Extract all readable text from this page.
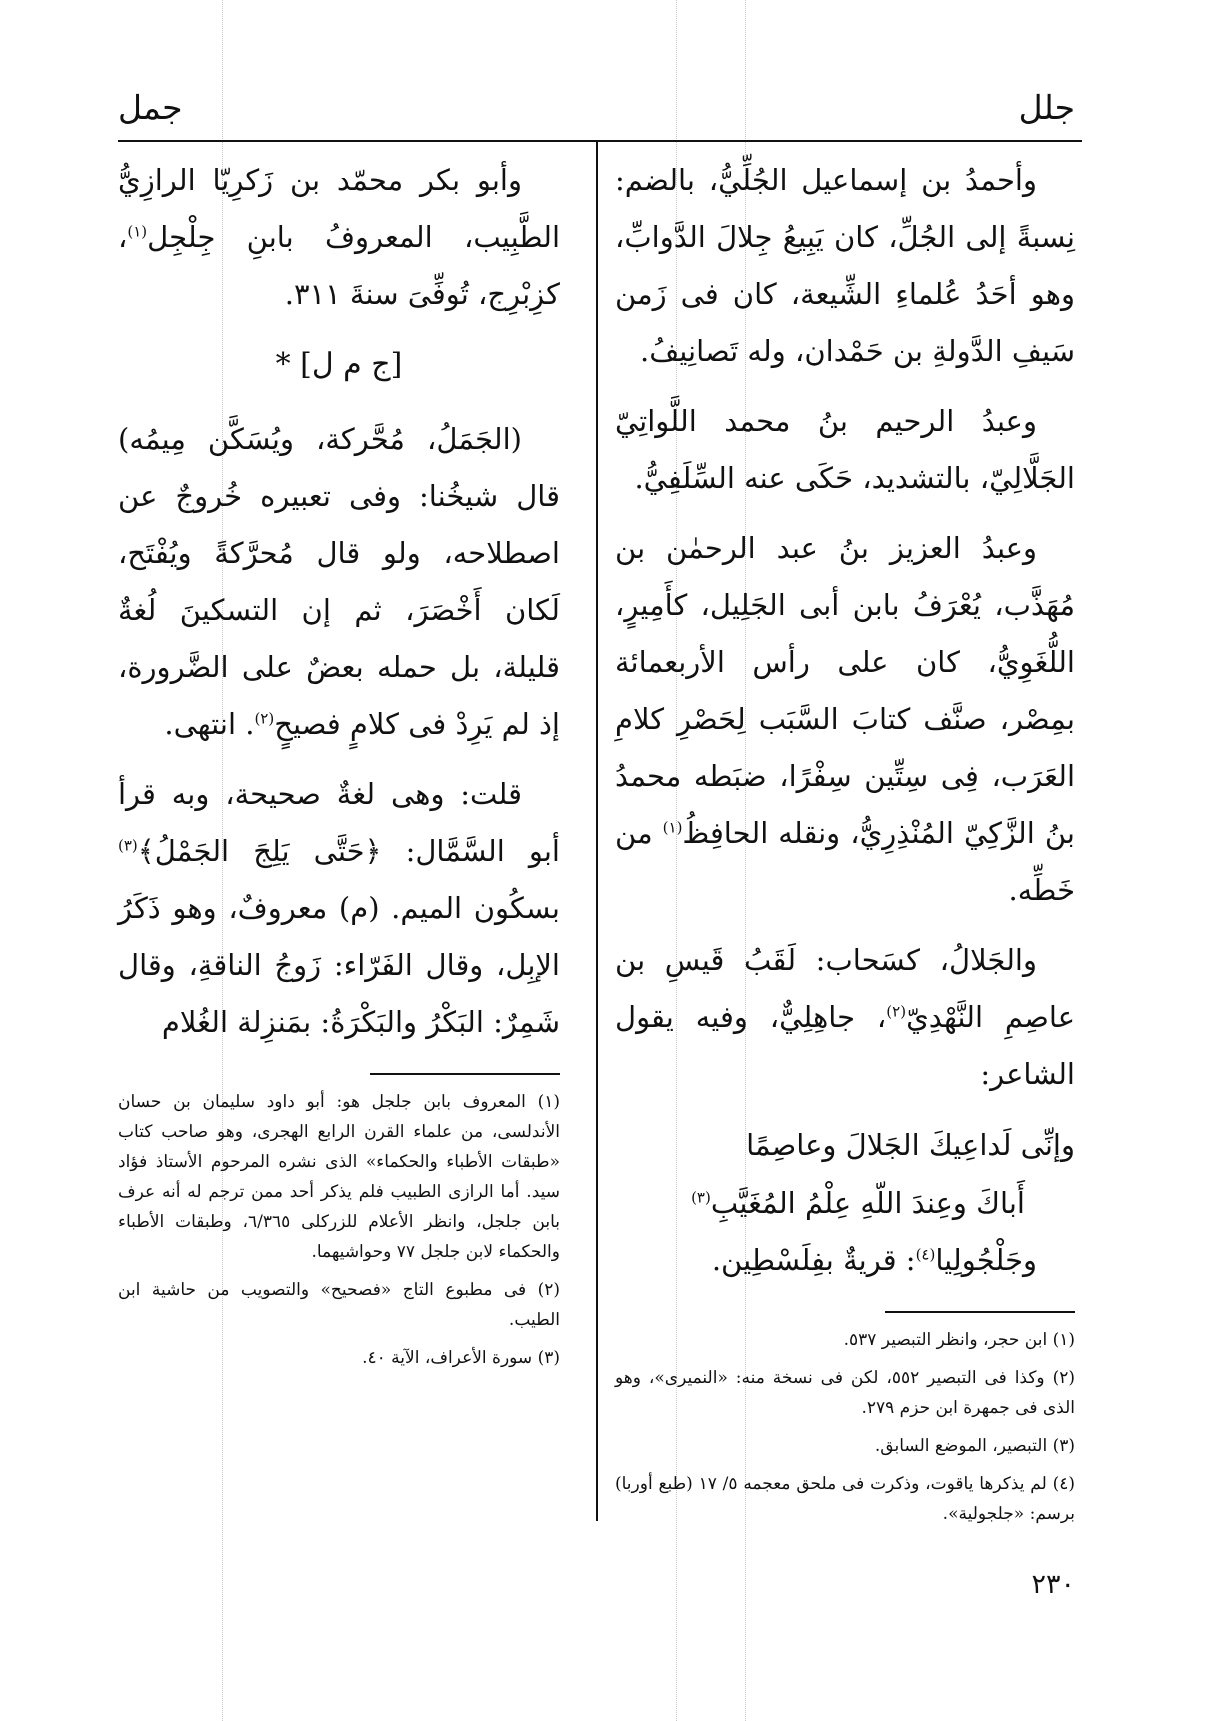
جلل
جمل

وأحمدُ بن إسماعيل الجُلِّيُّ، بالضم: نِسبةً إلى الجُلِّ، كان يَبِيعُ جِلالَ الدَّوابِّ، وهو أحَدُ عُلماءِ الشِّيعة، كان فى زَمن سَيفِ الدَّولةِ بن حَمْدان، وله تَصانِيفُ.

وعبدُ الرحيم بنُ محمد اللَّواتِيّ الجَلَّالِيّ، بالتشديد، حَكَى عنه السِّلَفِيُّ.

وعبدُ العزيز بنُ عبد الرحمٰن بن مُهَذَّب، يُعْرَفُ بابن أبى الجَلِيل، كأَمِيرٍ، اللُّغَوِيُّ، كان على رأس الأربعمائة بمِصْر، صنَّف كتابَ السَّبَب لِحَصْرِ كلامِ العَرَب، فِى سِتِّين سِفْرًا، ضبَطه محمدُ بنُ الزَّكِيّ المُنْذِرِيُّ، ونقله الحافِظُ$^{(١)}$ من خَطِّه.

والجَلالُ، كسَحاب: لَقَبُ قَيسِ بن عاصِمِ النَّهْدِيّ$^{(٢)}$، جاهِلِيٌّ، وفيه يقول الشاعر:

وإنِّى لَداعِيكَ الجَلالَ وعاصِمًا

أَباكَ وعِندَ اللّهِ عِلْمُ المُغَيَّبِ$^{(٣)}$

وجَلْجُولِيا$^{(٤)}$: قريةٌ بفِلَسْطِين.

(١) ابن حجر، وانظر التبصير ٥٣٧.

(٢) وكذا فى التبصير ٥٥٢، لكن فى نسخة منه: «النميرى»، وهو الذى فى جمهرة ابن حزم ٢٧٩.

(٣) التبصير، الموضع السابق.

(٤) لم يذكرها ياقوت، وذكرت فى ملحق معجمه ٥/ ١٧ (طبع أوربا) برسم: «جلجولية».

وأبو بكر محمّد بن زَكرِيّا الرازِيُّ الطَّبِيب، المعروفُ بابنِ جِلْجِل$^{(١)}$، كزِبْرِج، تُوفِّىَ سنةَ ٣١١.

[ج م ل] *

(الجَمَلُ، مُحَّركة، ويُسَكَّن مِيمُه) قال شيخُنا: وفى تعبيره خُروجٌ عن اصطلاحه، ولو قال مُحرَّكةً ويُفْتَح، لَكان أَخْصَرَ، ثم إن التسكينَ لُغةٌ قليلة، بل حمله بعضٌ على الضَّرورة، إذ لم يَرِدْ فى كلامٍ فصيحٍ$^{(٢)}$. انتهى.

قلت: وهى لغةٌ صحيحة، وبه قرأ أبو السَّمَّال: ﴿حَتَّى يَلِجَ الجَمْلُ﴾$^{(٣)}$ بسكُون الميم. (م) معروفٌ، وهو ذَكَرُ الإبِل، وقال الفَرّاء: زَوجُ الناقةِ، وقال شَمِرٌ: البَكْرُ والبَكْرَةُ: بمَنزِلة الغُلام

(١) المعروف بابن جلجل هو: أبو داود سليمان بن حسان الأندلسى، من علماء القرن الرابع الهجرى، وهو صاحب كتاب «طبقات الأطباء والحكماء» الذى نشره المرحوم الأستاذ فؤاد سيد. أما الرازى الطبيب فلم يذكر أحد ممن ترجم له أنه عرف بابن جلجل، وانظر الأعلام للزركلى ٦/٣٦٥، وطبقات الأطباء والحكماء لابن جلجل ٧٧ وحواشيهما.

(٢) فى مطبوع التاج «فصحيح» والتصويب من حاشية ابن الطيب.

(٣) سورة الأعراف، الآية ٤٠.

٢٣٠
